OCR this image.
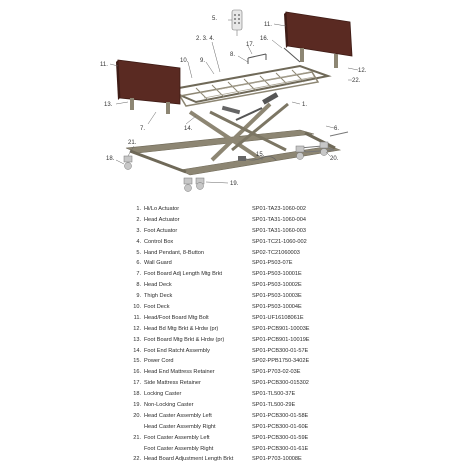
1.
2. 3. 4.
5.
6.
7.
8.
9.
10.
11.
11.
12.
13.
14.
15.
16.
17.
18.
19.
20.
21.
22.
1. Hi/Lo Actuator	SP01-TA23-1060-002
2. Head Actuator	SP01-TA31-1060-004
3. Foot Actuator	SP01-TA31-1060-003
4. Control Box	SP01-TC21-1060-002
5. Hand Pendant, 8-Button	SP02-TC21060003
6. Wall Guard	SP01-P503-07E
7. Foot Board Adj Length Mtg Brkt	SP01-P503-10001E
8. Head Deck	SP01-P503-10002E
9. Thigh Deck	SP01-P503-10003E
10. Foot Deck	SP01-P503-10004E
11. Head/Foot Board Mtg Bolt	SP01-UF16108061E
12. Head Bd Mtg Brkt & Hrdw (pr)	SP01-PCB901-10003E
13. Foot Board Mtg Brkt & Hrdw (pr)	SP01-PCB901-10019E
14. Foot End Ratcht Assembly	SP01-PCB300-01-57E
15. Power Cord	SP02-PPB1750-3402E
16. Head End Mattress Retainer	SP01-P703-02-03E
17. Side Mattress Retainer	SP01-PCB300-015302
18. Locking Caster	SP01-TL500-37E
19. Non-Locking Caster	SP01-TL500-29E
20. Head Caster Assembly Left	SP01-PCB300-01-58E
Head Caster Assembly Right	SP01-PCB300-01-60E
21. Foot Caster Assembly Left	SP01-PCB300-01-59E
Foot Caster Assembly Right	SP01-PCB300-01-61E
22. Head Board Adjustment Length Brkt	SP01-P703-10008E
